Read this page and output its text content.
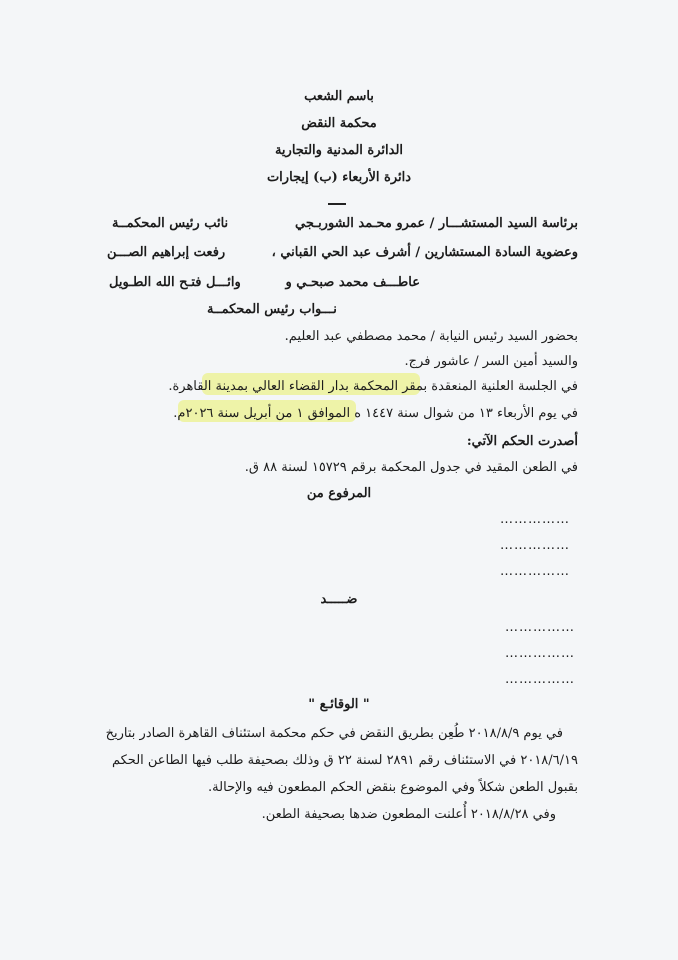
باسم الشعب
محكمة النقض
الدائرة المدنية والتجارية
دائرة الأربعاء (ب) إيجارات
برئاسة السيد المستشـــار / عمرو محـمد الشوربـجي
نائب رئيس المحكمــة
وعضوية السادة المستشارين / أشرف عبد الحي القباني ،
رفعت إبراهيم الصـــن
عاطـــف محمد صبحـي و
وائـــل فتـح الله الطـويل
نـــواب رئيس المحكمــة
بحضور السيد رئيس النيابة / محمد مصطفي عبد العليم.
والسيد أمين السر / عاشور فرج.
في الجلسة العلنية المنعقدة بمقر المحكمة بدار القضاء العالي بمدينة القاهرة.
في يوم الأربعاء ١٣ من شوال سنة ١٤٤٧ ه الموافق ١ من أبريل سنة ٢٠٢٦م.
أصدرت الحكم الآتي:
في الطعن المقيد في جدول المحكمة برقم ١٥٧٢٩ لسنة ٨٨ ق.
المرفوع من
……………
……………
……………
ضـــــد
……………
……………
……………
" الوقائـع "
في يوم ٢٠١٨/٨/٩ طُعِن بطريق النقض في حكم محكمة استئناف القاهرة الصادر بتاريخ
٢٠١٨/٦/١٩ في الاستئناف رقم ٢٨٩١ لسنة ٢٢ ق وذلك بصحيفة طلب فيها الطاعن الحكم
بقبول الطعن شكلاً وفي الموضوع بنقض الحكم المطعون فيه والإحالة.
وفي ٢٠١٨/٨/٢٨ أُعلنت المطعون ضدها بصحيفة الطعن.
